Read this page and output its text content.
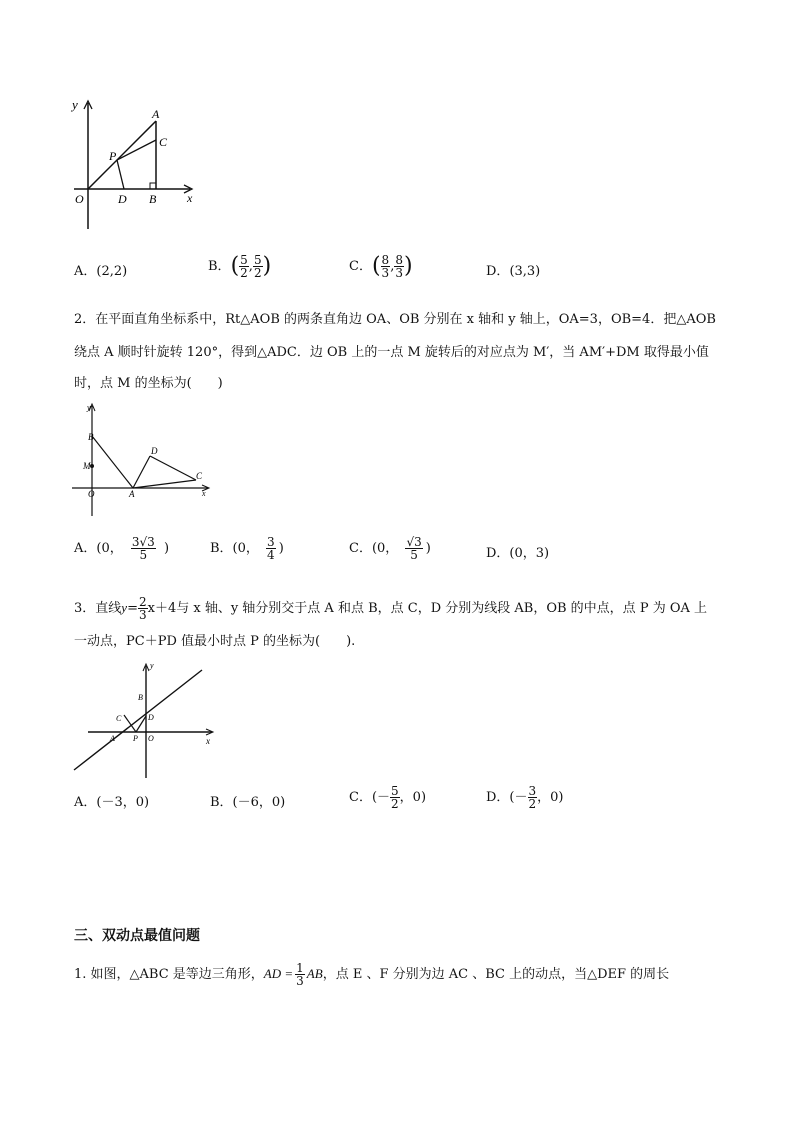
y
A
C
P
O	D B	x
A．(2,2)	B．( $\frac{5}{2}$ , $\frac{5}{2}$ )	C．( $\frac{8}{3}$ , $\frac{8}{3}$ )	D．(3,3)
2．在平面直角坐标系中，Rt△AOB 的两条直角边 OA、OB 分别在 x 轴和 y 轴上，OA=3，OB=4．把△AOB
绕点 A 顺时针旋转 120°，得到△ADC．边 OB 上的一点 M 旋转后的对应点为 M′，当 AM′+DM 取得最小值
时，点 M 的坐标为(　　)
y
B
M
D
C
O	A	x
A．(0， $\frac{3√3}{5}$ )	B．(0， $\frac{3}{4}$ )	C．(0， $\frac{√3}{5}$ )	D．(0，3)
3．直线$y= \frac{2}{3} x+4$与 x 轴、y 轴分别交于点 A 和点 B，点 C，D 分别为线段 AB，OB 的中点，点 P 为 OA 上
一动点，PC＋PD 值最小时点 P 的坐标为(　　).
y
B
C	D
A P O	x
A．(－3，0)	B．(－6，0)	C．(－ $\frac{5}{2}$ ，0)	D．(－ $\frac{3}{2}$ ，0)
三、双动点最值问题
1. 如图，△ABC 是等边三角形，AD = $\frac{1}{3}$ AB，点 E 、F 分别为边 AC 、BC 上的动点，当△DEF 的周长
